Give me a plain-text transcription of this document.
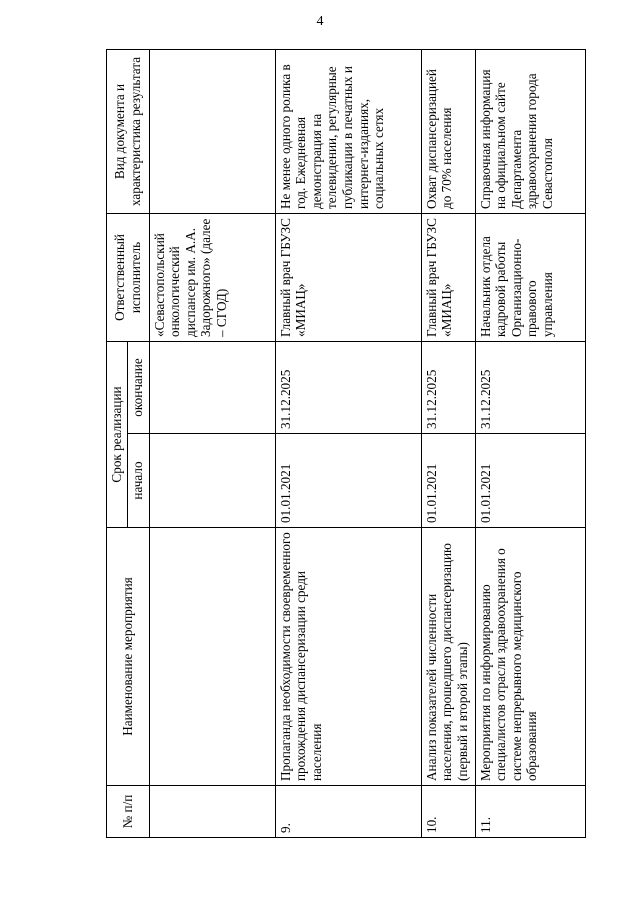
4
№ п/п	Наименование мероприятия	Срок реализации		Ответственный исполнитель	Вид документа и характеристика результата
		начало	окончание		
				«Севастопольский онкологический диспансер им. А.А. Задорожного» (далее – СГОД)	
9.	Пропаганда необходимости своевременного прохождения диспансеризации среди населения	01.01.2021	31.12.2025	Главный врач ГБУЗС «МИАЦ»	Не менее одного ролика в год. Ежедневная демонстрация на телевидении, регулярные публикации в печатных и интернет-изданиях, социальных сетях
10.	Анализ показателей численности населения, прошедшего диспансеризацию (первый и второй этапы)	01.01.2021	31.12.2025	Главный врач ГБУЗС «МИАЦ»	Охват диспансеризацией до 70% населения
11.	Мероприятия по информированию специалистов отрасли здравоохранения о системе непрерывного медицинского образования	01.01.2021	31.12.2025	Начальник отдела кадровой работы Организационно-правового управления	Справочная информация на официальном сайте Департамента здравоохранения города Севастополя
